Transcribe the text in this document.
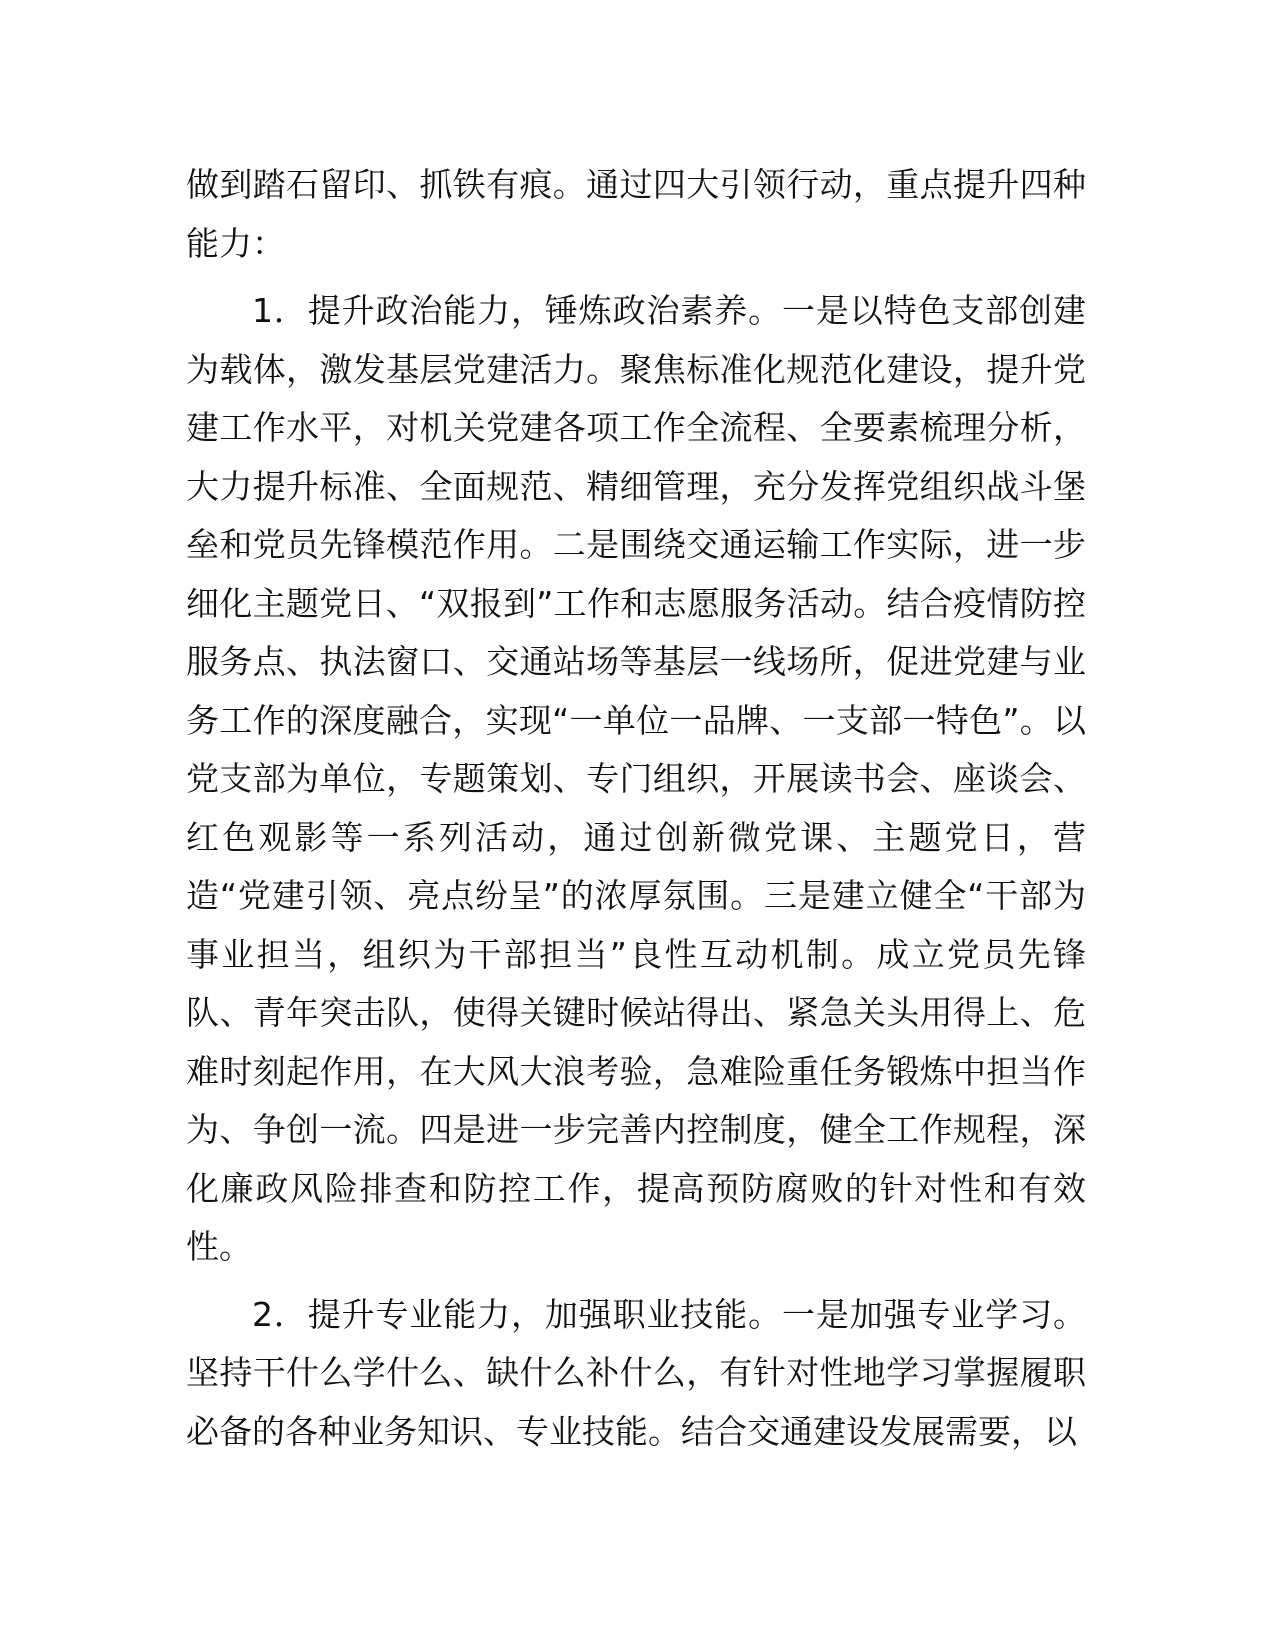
做到踏石留印、抓铁有痕。通过四大引领行动，重点提升四种能力：

1．提升政治能力，锤炼政治素养。一是以特色支部创建为载体，激发基层党建活力。聚焦标准化规范化建设，提升党建工作水平，对机关党建各项工作全流程、全要素梳理分析，大力提升标准、全面规范、精细管理，充分发挥党组织战斗堡垒和党员先锋模范作用。二是围绕交通运输工作实际，进一步细化主题党日、“双报到”工作和志愿服务活动。结合疫情防控服务点、执法窗口、交通站场等基层一线场所，促进党建与业务工作的深度融合，实现“一单位一品牌、一支部一特色”。以党支部为单位，专题策划、专门组织，开展读书会、座谈会、红色观影等一系列活动，通过创新微党课、主题党日，营造“党建引领、亮点纷呈”的浓厚氛围。三是建立健全“干部为事业担当，组织为干部担当”良性互动机制。成立党员先锋队、青年突击队，使得关键时候站得出、紧急关头用得上、危难时刻起作用，在大风大浪考验，急难险重任务锻炼中担当作为、争创一流。四是进一步完善内控制度，健全工作规程，深化廉政风险排查和防控工作，提高预防腐败的针对性和有效性。

2．提升专业能力，加强职业技能。一是加强专业学习。坚持干什么学什么、缺什么补什么，有针对性地学习掌握履职必备的各种业务知识、专业技能。结合交通建设发展需要，以
